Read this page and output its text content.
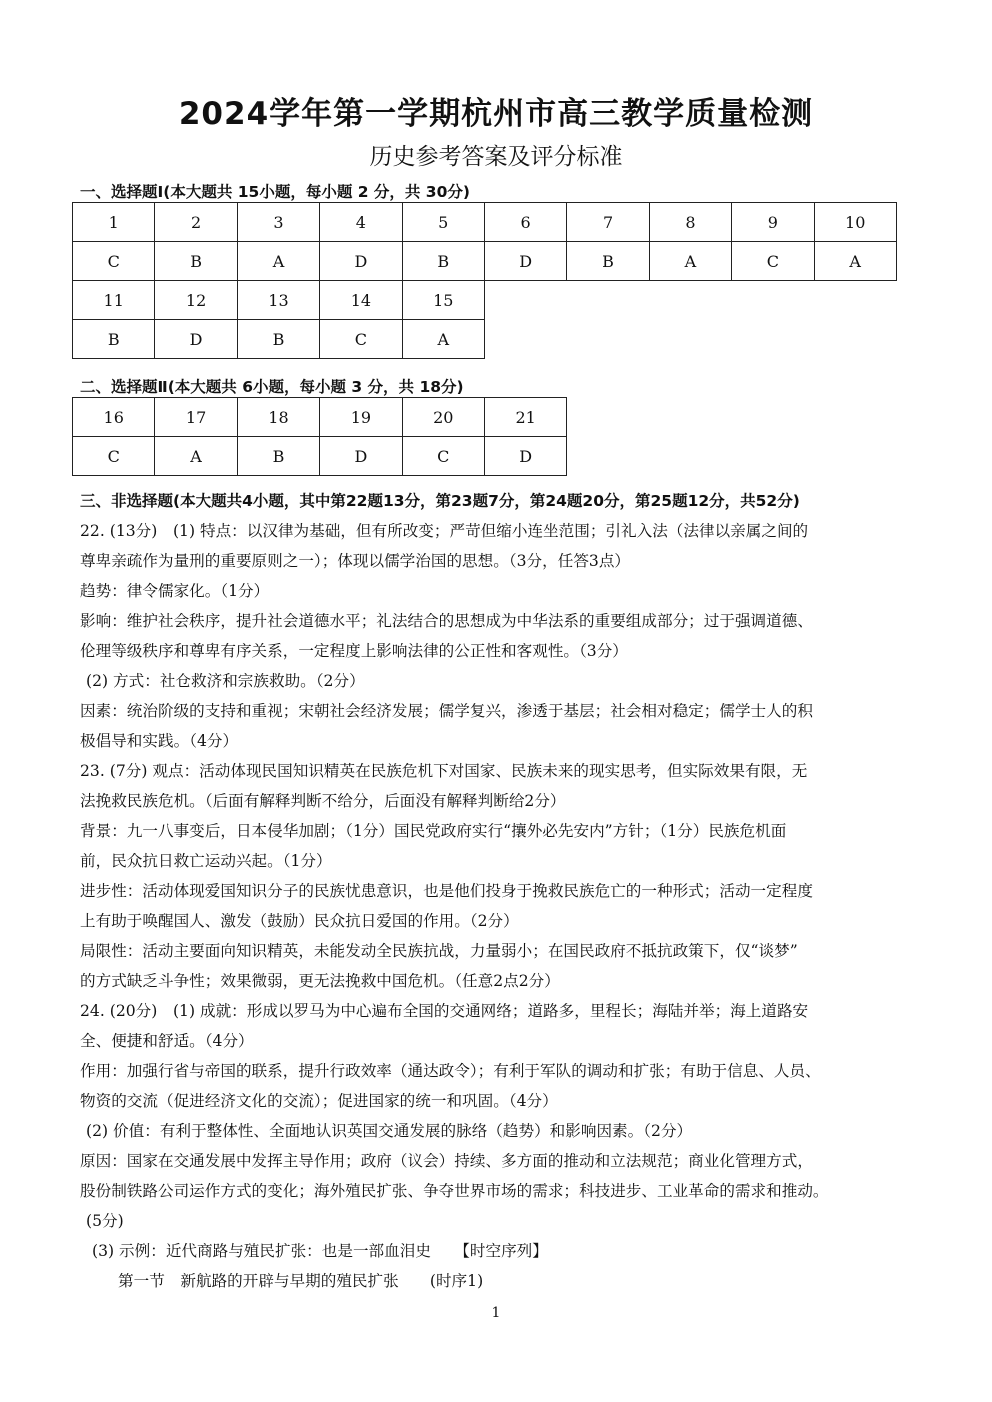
2024学年第一学期杭州市高三教学质量检测
历史参考答案及评分标准
一、选择题Ⅰ(本大题共 15小题，每小题 2 分，共 30分)
1	2	3	4	5	6	7	8	9	10
C	B	A	D	B	D	B	A	C	A
11	12	13	14	15					
B	D	B	C	A					
二、选择题Ⅱ(本大题共 6小题，每小题 3 分，共 18分)
16	17	18	19	20	21
C	A	B	D	C	D
三、非选择题(本大题共4小题，其中第22题13分，第23题7分，第24题20分，第25题12分，共52分)

22. (13分)　(1) 特点：以汉律为基础，但有所改变；严苛但缩小连坐范围；引礼入法（法律以亲属之间的

尊卑亲疏作为量刑的重要原则之一）；体现以儒学治国的思想。（3分，任答3点）

趋势：律令儒家化。（1分）

影响：维护社会秩序，提升社会道德水平；礼法结合的思想成为中华法系的重要组成部分；过于强调道德、

伦理等级秩序和尊卑有序关系，一定程度上影响法律的公正性和客观性。（3分）

(2) 方式：社仓救济和宗族救助。（2分）

因素：统治阶级的支持和重视；宋朝社会经济发展；儒学复兴，渗透于基层；社会相对稳定；儒学士人的积

极倡导和实践。（4分）

23. (7分) 观点：活动体现民国知识精英在民族危机下对国家、民族未来的现实思考，但实际效果有限，无

法挽救民族危机。（后面有解释判断不给分，后面没有解释判断给2分）

背景：九一八事变后，日本侵华加剧；（1分）国民党政府实行“攘外必先安内”方针；（1分）民族危机面

前，民众抗日救亡运动兴起。（1分）

进步性：活动体现爱国知识分子的民族忧患意识，也是他们投身于挽救民族危亡的一种形式；活动一定程度

上有助于唤醒国人、激发（鼓励）民众抗日爱国的作用。（2分）

局限性：活动主要面向知识精英，未能发动全民族抗战，力量弱小；在国民政府不抵抗政策下，仅“谈梦”

的方式缺乏斗争性；效果微弱，更无法挽救中国危机。（任意2点2分）

24. (20分)　(1) 成就：形成以罗马为中心遍布全国的交通网络；道路多，里程长；海陆并举；海上道路安

全、便捷和舒适。（4分）

作用：加强行省与帝国的联系，提升行政效率（通达政令）；有利于军队的调动和扩张；有助于信息、人员、

物资的交流（促进经济文化的交流）；促进国家的统一和巩固。（4分）

(2) 价值：有利于整体性、全面地认识英国交通发展的脉络（趋势）和影响因素。（2分）

原因：国家在交通发展中发挥主导作用；政府（议会）持续、多方面的推动和立法规范；商业化管理方式，

股份制铁路公司运作方式的变化；海外殖民扩张、争夺世界市场的需求；科技进步、工业革命的需求和推动。

(5分)

(3) 示例：近代商路与殖民扩张：也是一部血泪史　　【时空序列】

第一节　新航路的开辟与早期的殖民扩张　　(时序1)

1
